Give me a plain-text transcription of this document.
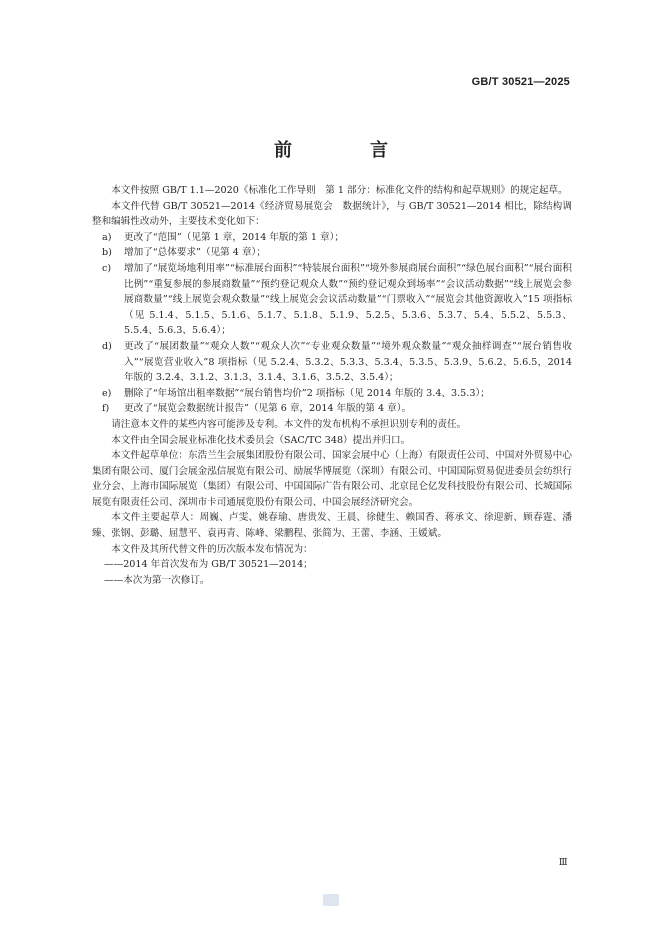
GB/T 30521—2025
前　言

本文件按照 GB/T 1.1—2020《标准化工作导则　第 1 部分：标准化文件的结构和起草规则》的规定起草。

本文件代替 GB/T 30521—2014《经济贸易展览会　数据统计》，与 GB/T 30521—2014 相比，除结构调整和编辑性改动外，主要技术变化如下：

a) 更改了“范围”（见第 1 章，2014 年版的第 1 章）；

b) 增加了“总体要求”（见第 4 章）；

c) 增加了“展览场地利用率”“标准展台面积”“特装展台面积”“境外参展商展台面积”“绿色展台面积”“展台面积比例”“重复参展的参展商数量”“预约登记观众人数”“预约登记观众到场率”“会议活动数据”“线上展览会参展商数量”“线上展览会观众数量”“线上展览会会议活动数量”“门票收入”“展览会其他资源收入”15 项指标（见 5.1.4、5.1.5、5.1.6、5.1.7、5.1.8、5.1.9、5.2.5、5.3.6、5.3.7、5.4、5.5.2、5.5.3、5.5.4、5.6.3、5.6.4）；

d) 更改了“展团数量”“观众人数”“观众人次”“专业观众数量”“境外观众数量”“观众抽样调查”“展台销售收入”“展览营业收入”8 项指标（见 5.2.4、5.3.2、5.3.3、5.3.4、5.3.5、5.3.9、5.6.2、5.6.5，2014 年版的 3.2.4、3.1.2、3.1.3、3.1.4、3.1.6、3.5.2、3.5.4）；

e) 删除了“年场馆出租率数据”“展台销售均价”2 项指标（见 2014 年版的 3.4、3.5.3）；

f) 更改了“展览会数据统计报告”（见第 6 章，2014 年版的第 4 章）。

请注意本文件的某些内容可能涉及专利。本文件的发布机构不承担识别专利的责任。

本文件由全国会展业标准化技术委员会（SAC/TC 348）提出并归口。

本文件起草单位：东浩兰生会展集团股份有限公司、国家会展中心（上海）有限责任公司、中国对外贸易中心集团有限公司、厦门会展金泓信展览有限公司、励展华博展览（深圳）有限公司、中国国际贸易促进委员会纺织行业分会、上海市国际展览（集团）有限公司、中国国际广告有限公司、北京昆仑亿发科技股份有限公司、长城国际展览有限责任公司、深圳市卡司通展览股份有限公司、中国会展经济研究会。

本文件主要起草人：周巍、卢雯、姚春瑜、唐贵发、王晨、徐健生、赖国香、蒋承文、徐迎新、顾春霆、潘臻、张钢、彭璐、屈慧平、袁再青、陈峰、梁鹏程、张简为、王蕾、李涵、王媛斌。

本文件及其所代替文件的历次版本发布情况为：

——2014 年首次发布为 GB/T 30521—2014；

——本次为第一次修订。

Ⅲ
